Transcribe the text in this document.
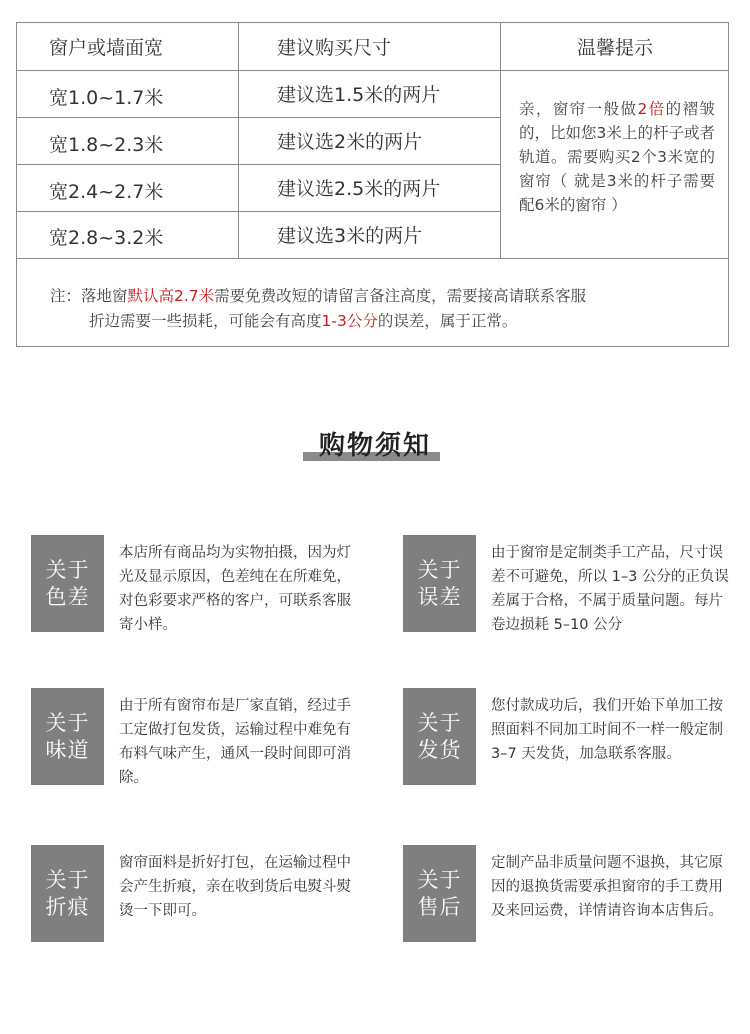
窗户或墙面宽	建议购买尺寸	温馨提示
宽1.0~1.7米	建议选1.5米的两片
宽1.8~2.3米	建议选2米的两片
宽2.4~2.7米	建议选2.5米的两片
宽2.8~3.2米	建议选3米的两片
亲，窗帘一般做2倍的褶皱的，比如您3米上的杆子或者轨道。需要购买2个3米宽的窗帘（ 就是3米的杆子需要配6米的窗帘 ）
注：落地窗默认高2.7米需要免费改短的请留言备注高度，需要接高请联系客服
折边需要一些损耗，可能会有高度1-3公分的误差，属于正常。
购物须知
关于
色差
本店所有商品均为实物拍摄，因为灯光及显示原因，色差纯在在所难免，对色彩要求严格的客户，可联系客服寄小样。
关于
误差
由于窗帘是定制类手工产品，尺寸误差不可避免，所以 1–3 公分的正负误差属于合格，不属于质量问题。每片卷边损耗 5–10 公分
关于
味道
由于所有窗帘布是厂家直销，经过手工定做打包发货，运输过程中难免有布料气味产生，通风一段时间即可消除。
关于
发货
您付款成功后，我们开始下单加工按照面料不同加工时间不一样一般定制 3–7 天发货，加急联系客服。
关于
折痕
窗帘面料是折好打包，在运输过程中会产生折痕，亲在收到货后电熨斗熨烫一下即可。
关于
售后
定制产品非质量问题不退换，其它原因的退换货需要承担窗帘的手工费用及来回运费，详情请咨询本店售后。
